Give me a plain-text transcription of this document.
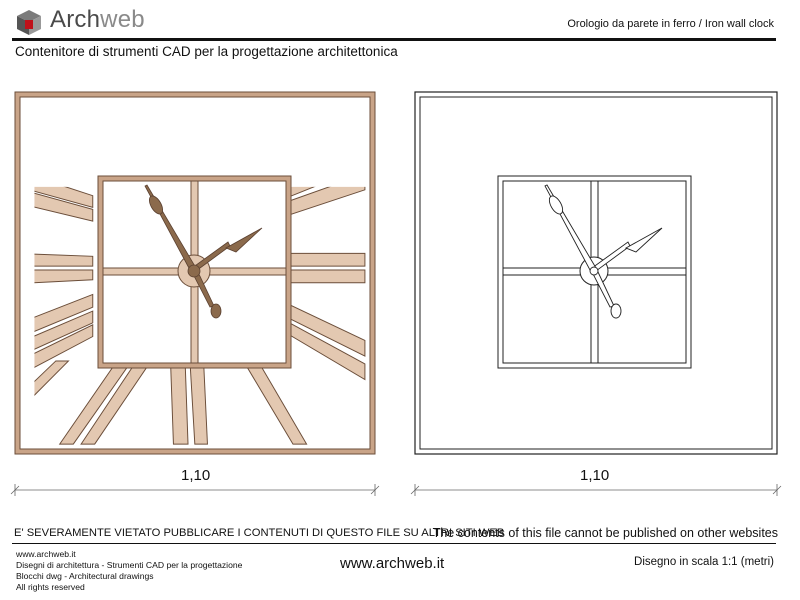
Archweb	Orologio da parete in ferro / Iron wall clock
Contenitore di strumenti CAD per la progettazione architettonica
1,10	1,10
E' SEVERAMENTE VIETATO PUBBLICARE I CONTENUTI DI QUESTO FILE SU ALTRI SITI WEB
The contents of this file cannot be published on other websites
www.archweb.it
Disegni di architettura - Strumenti CAD per la progettazione
Blocchi dwg - Architectural drawings
All rights reserved
www.archweb.it	Disegno in scala 1:1 (metri)
